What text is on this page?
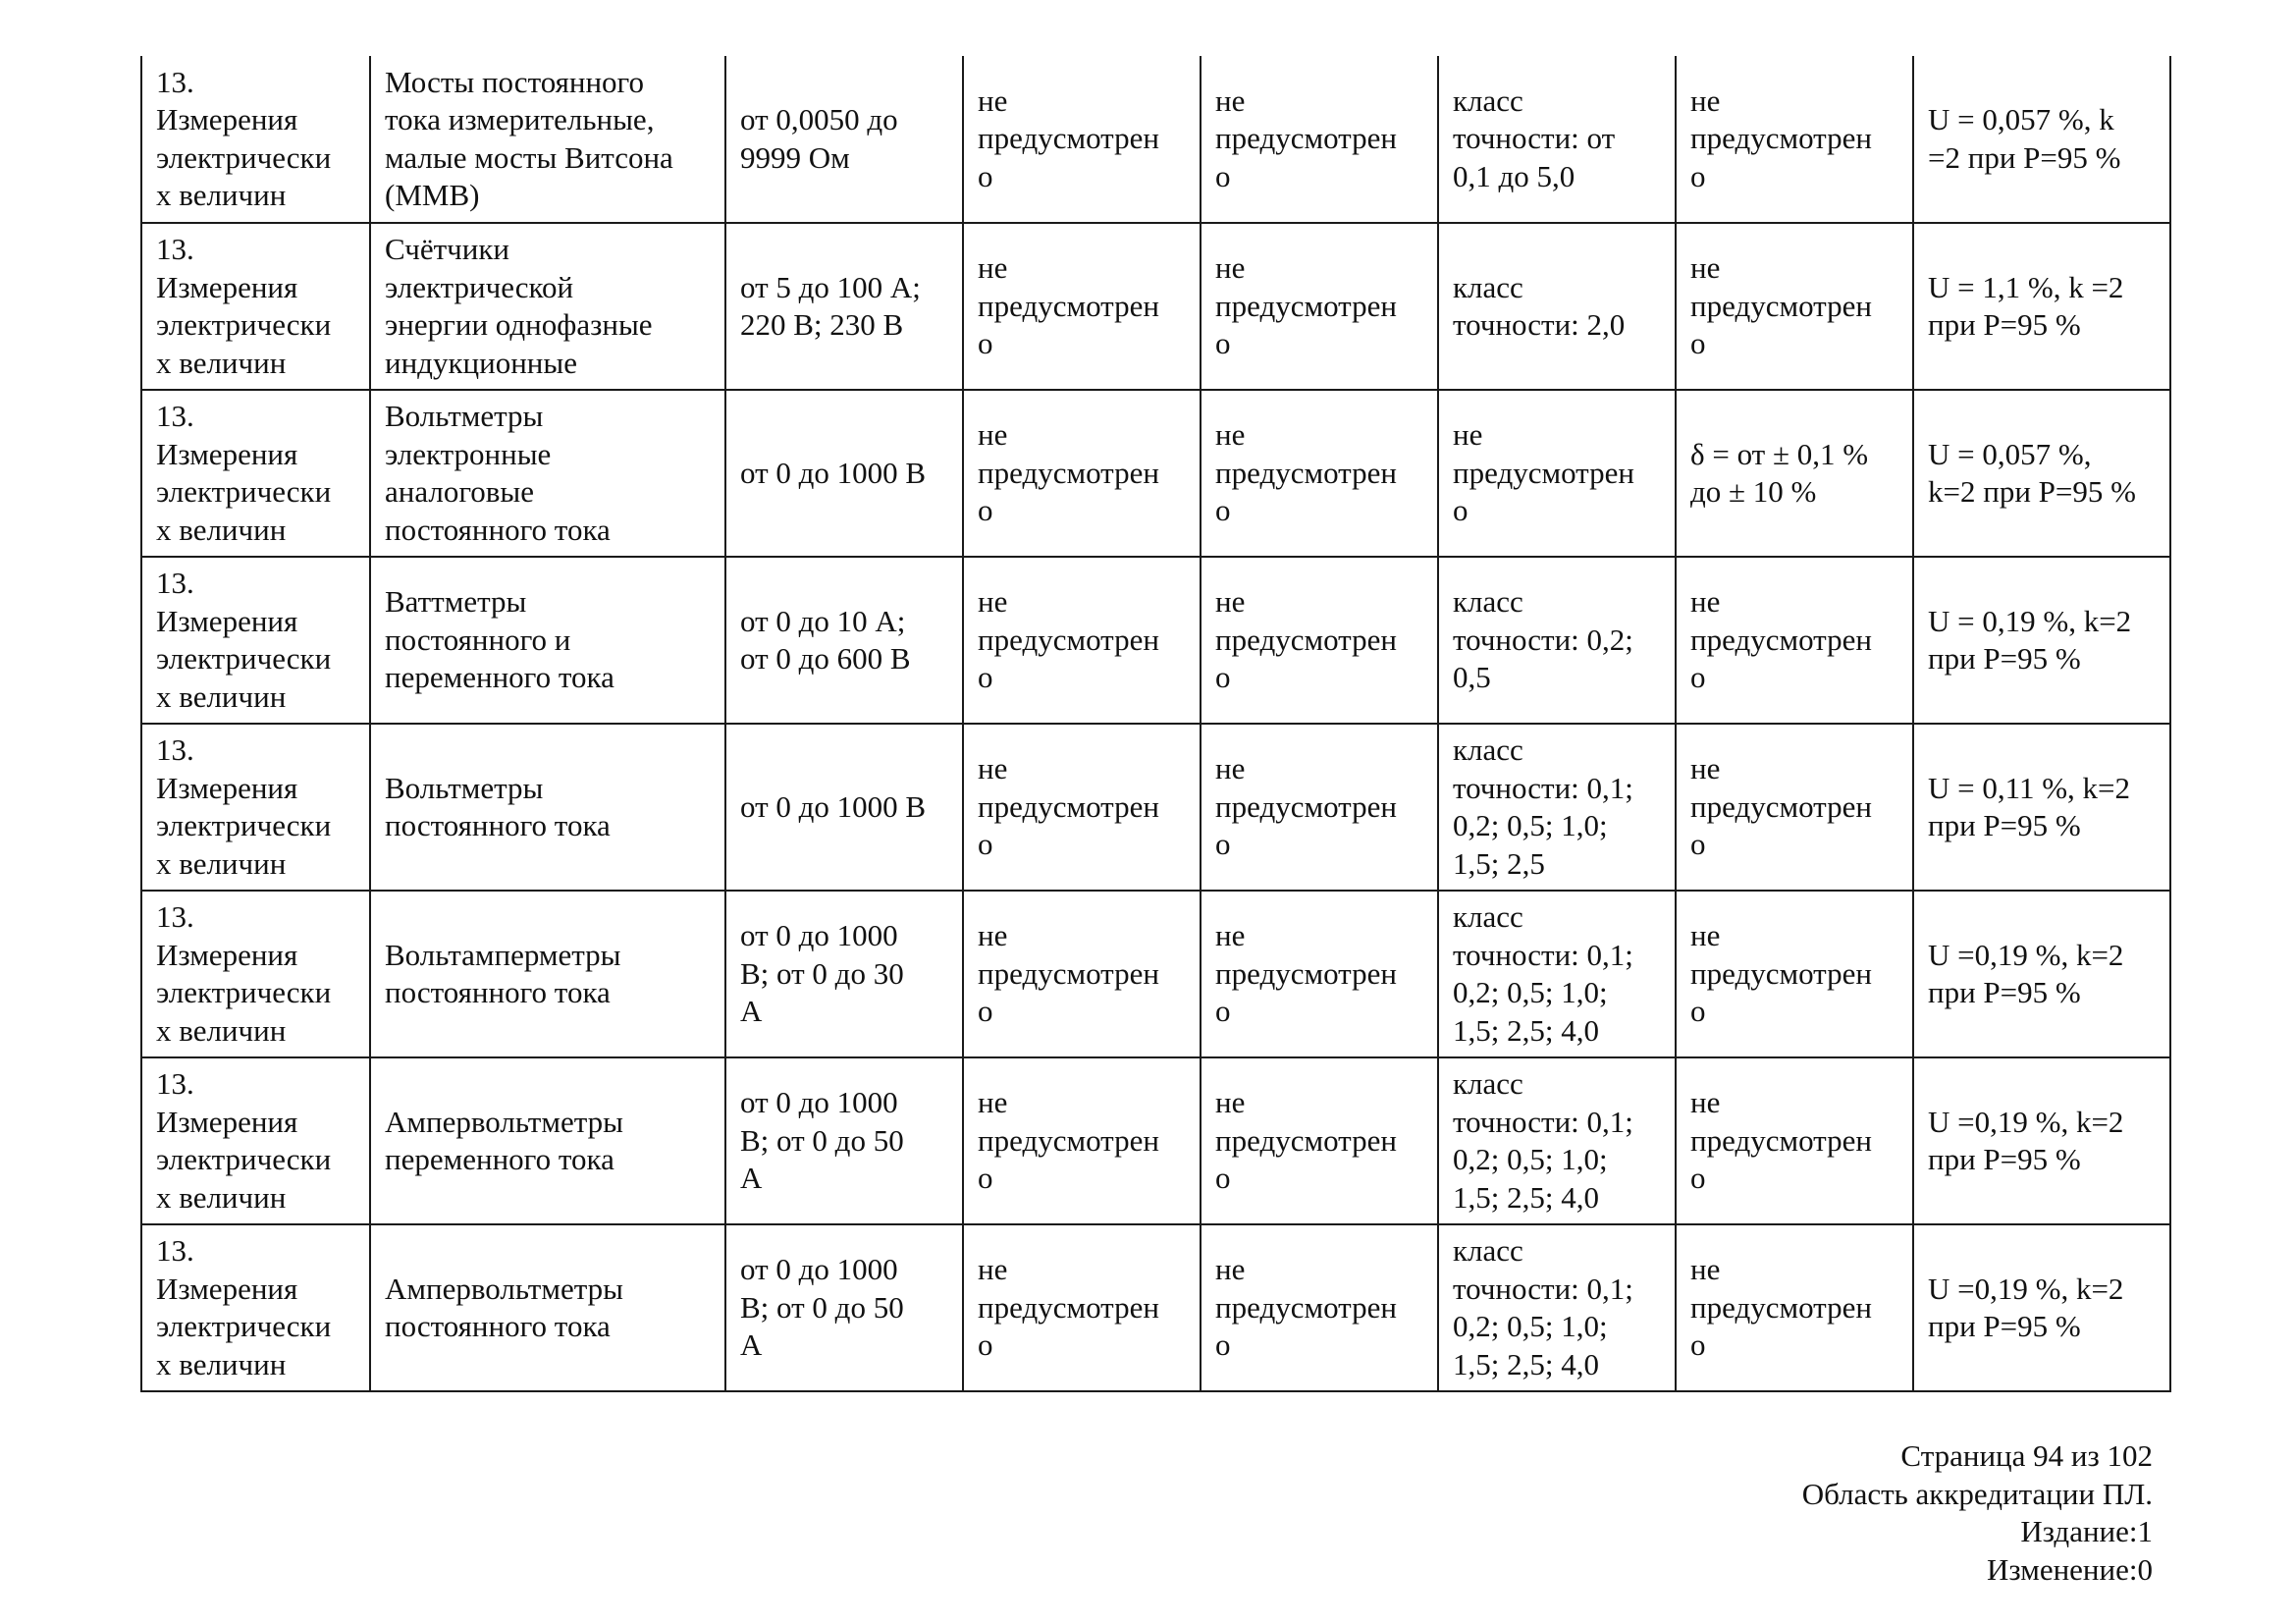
13.
Измерения
электрически
х величин	Мосты постоянного
тока измерительные,
малые мосты Витсона
(ММВ)	от 0,0050 до
9999 Ом	не
предусмотрен
о	не
предусмотрен
о	класс
точности: от
0,1 до 5,0	не
предусмотрен
о	U = 0,057 %, k
=2 при Р=95 %

13.
Измерения
электрически
х величин	Счётчики
электрической
энергии однофазные
индукционные	от 5 до 100 А;
220 В; 230 В	не
предусмотрен
о	не
предусмотрен
о	класс
точности: 2,0	не
предусмотрен
о	U = 1,1 %, k =2
при Р=95 %

13.
Измерения
электрически
х величин	Вольтметры
электронные
аналоговые
постоянного тока	от 0 до 1000 В	не
предусмотрен
о	не
предусмотрен
о	не
предусмотрен
о	δ = от ± 0,1 %
до ± 10 %	U = 0,057 %,
k=2 при Р=95 %

13.
Измерения
электрически
х величин	Ваттметры
постоянного и
переменного тока	от 0 до 10 А;
от 0 до 600 В	не
предусмотрен
о	не
предусмотрен
о	класс
точности: 0,2;
0,5	не
предусмотрен
о	U = 0,19 %, k=2
при Р=95 %

13.
Измерения
электрически
х величин	Вольтметры
постоянного тока	от 0 до 1000 В	не
предусмотрен
о	не
предусмотрен
о	класс
точности: 0,1;
0,2; 0,5; 1,0;
1,5; 2,5	не
предусмотрен
о	U = 0,11 %, k=2
при Р=95 %

13.
Измерения
электрически
х величин	Вольтамперметры
постоянного тока	от 0 до 1000
В; от 0 до 30
А	не
предусмотрен
о	не
предусмотрен
о	класс
точности: 0,1;
0,2; 0,5; 1,0;
1,5; 2,5; 4,0	не
предусмотрен
о	U =0,19 %, k=2
при Р=95 %

13.
Измерения
электрически
х величин	Ампервольтметры
переменного тока	от 0 до 1000
В; от 0 до 50
А	не
предусмотрен
о	не
предусмотрен
о	класс
точности: 0,1;
0,2; 0,5; 1,0;
1,5; 2,5; 4,0	не
предусмотрен
о	U =0,19 %, k=2
при Р=95 %

13.
Измерения
электрически
х величин	Ампервольтметры
постоянного тока	от 0 до 1000
В; от 0 до 50
А	не
предусмотрен
о	не
предусмотрен
о	класс
точности: 0,1;
0,2; 0,5; 1,0;
1,5; 2,5; 4,0	не
предусмотрен
о	U =0,19 %, k=2
при Р=95 %
Страница 94 из 102
Область аккредитации ПЛ.
Издание:1
Изменение:0
